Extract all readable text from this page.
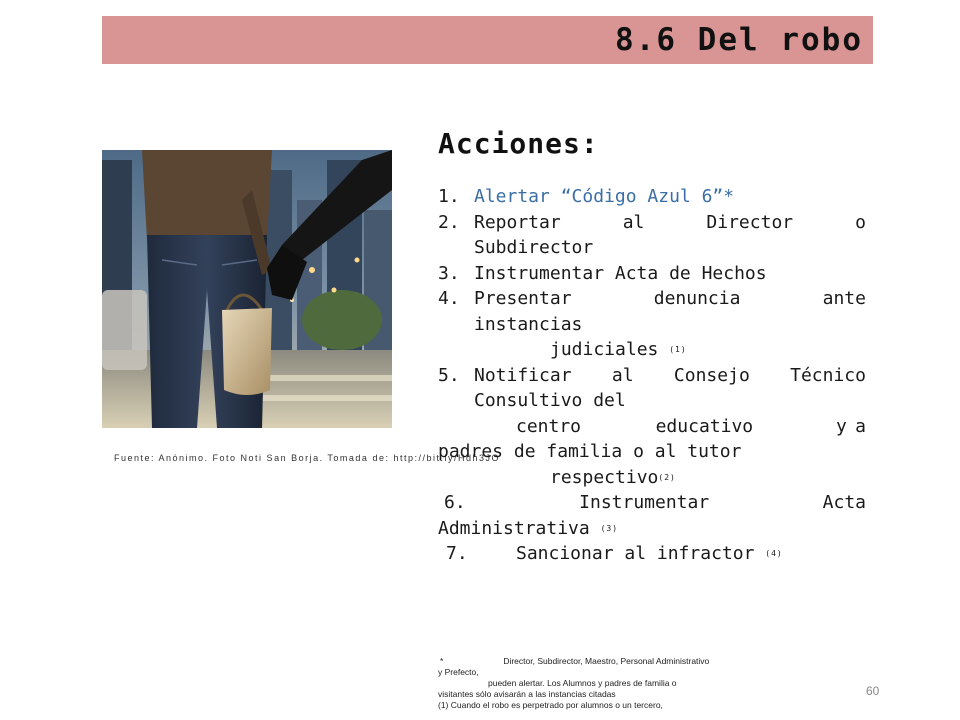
8.6 Del robo
Fuente: Anónimo. Foto Noti San Borja. Tomada de: http://bit.ly/Hdh3JO
Acciones:
1. Alertar “Código Azul 6”*
2. Reportar	al	Director	o
Subdirector
3. Instrumentar Acta de Hechos
4. Presentar	denuncia	ante
instancias
judiciales
(1)
5. Notificar al Consejo Técnico
Consultivo del
centro	educativo	y a
respectivo (2)
6.	Instrumentar	Acta
Administrativa
(3)
7.	Sancionar al infractor
(4)
padres de familia o al tutor
*	Director, Subdirector, Maestro, Personal Administrativo
y Prefecto,
pueden alertar. Los Alumnos y padres de familia o
visitantes sólo avisarán a las instancias citadas
(1) Cuando el robo es perpetrado por alumnos o un tercero,
60
